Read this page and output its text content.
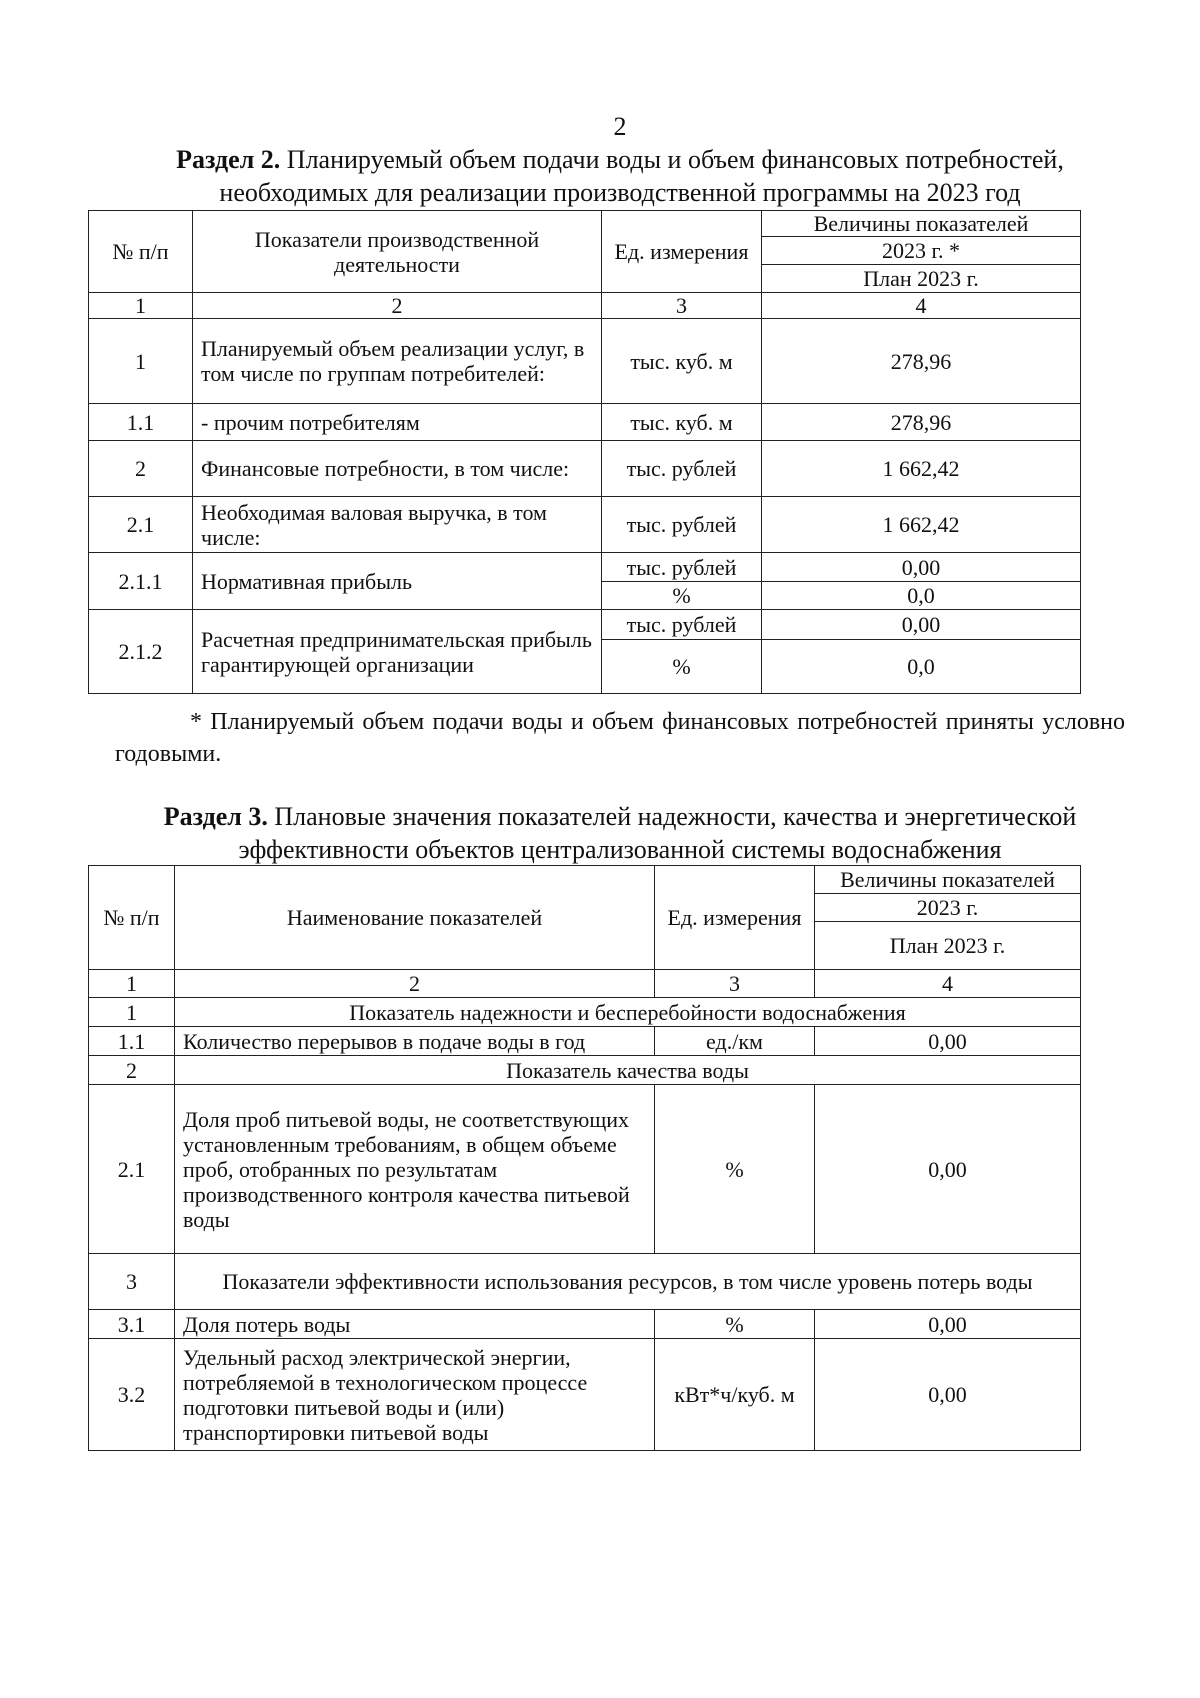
2
Раздел 2. Планируемый объем подачи воды и объем финансовых потребностей, необходимых для реализации производственной программы на 2023 год
№ п/п	Показатели производственной деятельности	Ед. измерения	Величины показателей
			2023 г. *
			План 2023 г.
1	2	3	4
1	Планируемый объем реализации услуг, в том числе по группам потребителей:	тыс. куб. м	278,96
1.1	- прочим потребителям	тыс. куб. м	278,96
2	Финансовые потребности, в том числе:	тыс. рублей	1 662,42
2.1	Необходимая валовая выручка, в том числе:	тыс. рублей	1 662,42
2.1.1	Нормативная прибыль	тыс. рублей	0,00
		%	0,0
2.1.2	Расчетная предпринимательская прибыль гарантирующей организации	тыс. рублей	0,00
		%	0,0
* Планируемый объем подачи воды и объем финансовых потребностей приняты условно годовыми.
Раздел 3. Плановые значения показателей надежности, качества и энергетической эффективности объектов централизованной системы водоснабжения
№ п/п	Наименование показателей	Ед. измерения	Величины показателей
			2023 г.
			План 2023 г.
1	2	3	4
1	Показатель надежности и бесперебойности водоснабжения		
1.1	Количество перерывов в подаче воды в год	ед./км	0,00
2	Показатель качества воды		
2.1	Доля проб питьевой воды, не соответствующих установленным требованиям, в общем объеме проб, отобранных по результатам производственного контроля качества питьевой воды	%	0,00
3	Показатели эффективности использования ресурсов, в том числе уровень потерь воды		
3.1	Доля потерь воды	%	0,00
3.2	Удельный расход электрической энергии, потребляемой в технологическом процессе подготовки питьевой воды и (или) транспортировки питьевой воды	кВт*ч/куб. м	0,00
